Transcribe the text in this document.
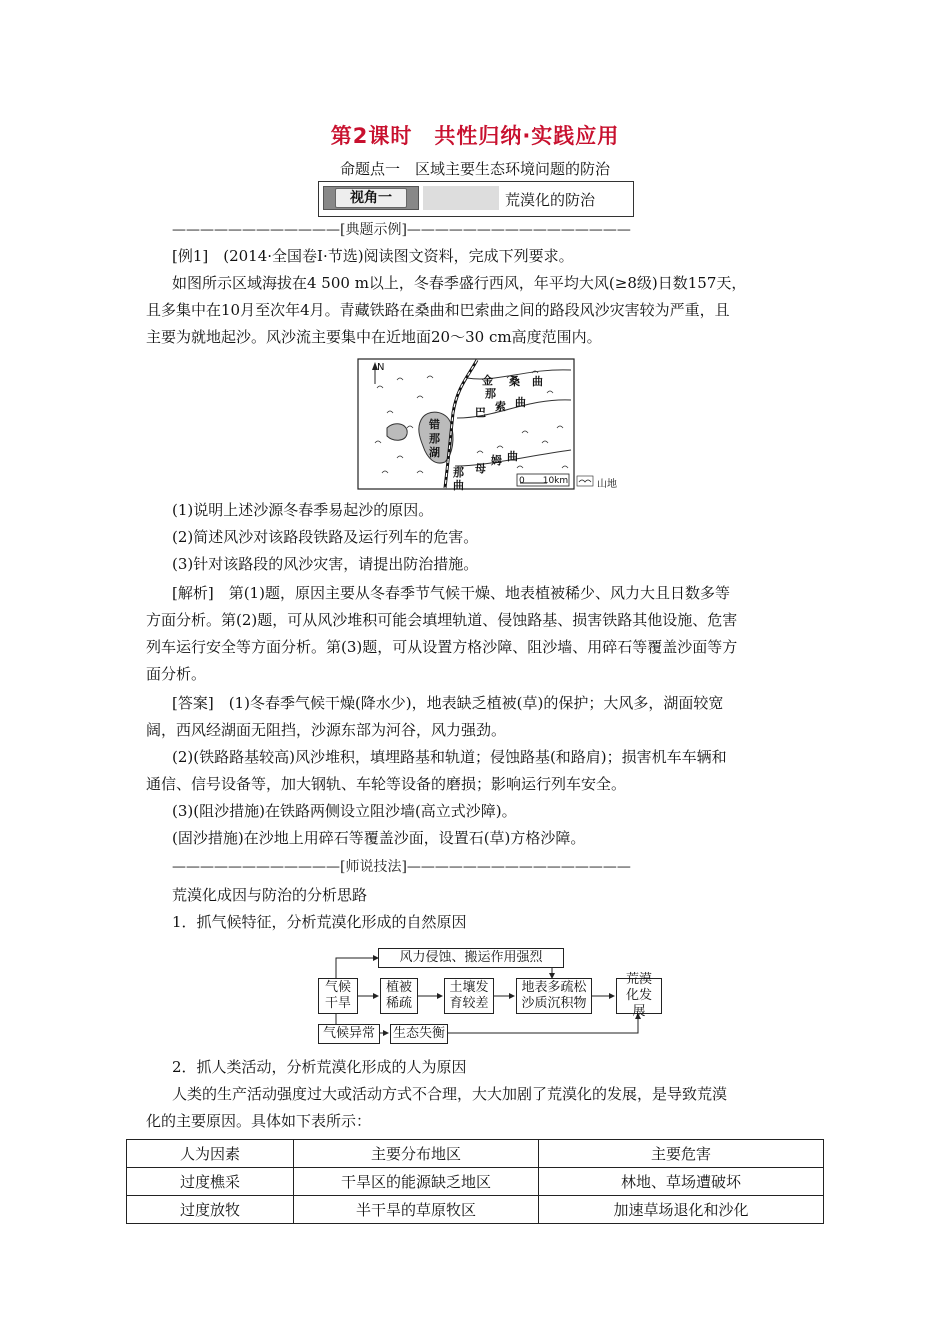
第2课时　共性归纳·实践应用
命题点一　区域主要生态环境问题的防治
视角一	荒漠化的防治
————————————[典题示例]————————————————
[例1]　(2014·全国卷Ⅰ·节选)阅读图文资料，完成下列要求。
如图所示区域海拔在4 500 m以上，冬春季盛行西风，年平均大风(≥8级)日数157天，
且多集中在10月至次年4月。青藏铁路在桑曲和巴索曲之间的路段风沙灾害较为严重，且
主要为就地起沙。风沙流主要集中在近地面20～30 cm高度范围内。
N
金
那
桑 曲
巴 索 曲
错
那
湖
母
姆 曲
那
曲	0　　10km	山地
(1)说明上述沙源冬春季易起沙的原因。
(2)简述风沙对该路段铁路及运行列车的危害。
(3)针对该路段的风沙灾害，请提出防治措施。
[解析]　第(1)题，原因主要从冬春季节气候干燥、地表植被稀少、风力大且日数多等
方面分析。第(2)题，可从风沙堆积可能会填埋轨道、侵蚀路基、损害铁路其他设施、危害
列车运行安全等方面分析。第(3)题，可从设置方格沙障、阻沙墙、用碎石等覆盖沙面等方
面分析。
[答案]　(1)冬春季气候干燥(降水少)，地表缺乏植被(草)的保护；大风多，湖面较宽
阔，西风经湖面无阻挡，沙源东部为河谷，风力强劲。
(2)(铁路路基较高)风沙堆积，填埋路基和轨道；侵蚀路基(和路肩)；损害机车车辆和
通信、信号设备等，加大钢轨、车轮等设备的磨损；影响运行列车安全。
(3)(阻沙措施)在铁路两侧设立阻沙墙(高立式沙障)。
(固沙措施)在沙地上用碎石等覆盖沙面，设置石(草)方格沙障。
————————————[师说技法]————————————————
荒漠化成因与防治的分析思路
1．抓气候特征，分析荒漠化形成的自然原因
风力侵蚀、搬运作用强烈
气候干旱
植被稀疏
土壤发育较差
地表多疏松沙质沉积物
荒漠化发展
气候异常	生态失衡
2．抓人类活动，分析荒漠化形成的人为原因
人类的生产活动强度过大或活动方式不合理，大大加剧了荒漠化的发展，是导致荒漠
化的主要原因。具体如下表所示：
人为因素	主要分布地区	主要危害
过度樵采	干旱区的能源缺乏地区	林地、草场遭破坏
过度放牧	半干旱的草原牧区	加速草场退化和沙化
